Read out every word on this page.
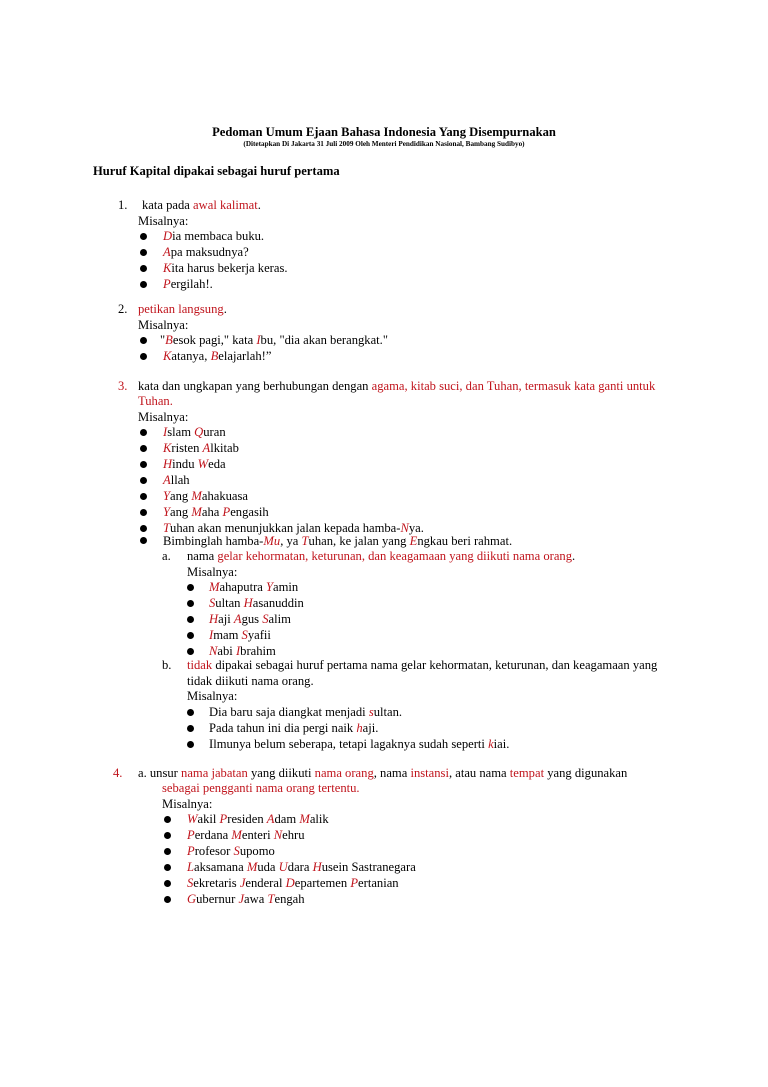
Pedoman Umum Ejaan Bahasa Indonesia Yang Disempurnakan
(Ditetapkan Di Jakarta 31 Juli 2009 Oleh Menteri Pendidikan Nasional, Bambang Sudibyo)
Huruf Kapital dipakai sebagai huruf pertama
1. kata pada awal kalimat.
Misalnya:
Dia membaca buku.
Apa maksudnya?
Kita harus bekerja keras.
Pergilah!.
2. petikan langsung.
Misalnya:
"Besok pagi," kata Ibu, "dia akan berangkat."
Katanya, Belajarlah!”
3. kata dan ungkapan yang berhubungan dengan agama, kitab suci, dan Tuhan, termasuk kata ganti untuk
Tuhan.
Misalnya:
Islam Quran
Kristen Alkitab
Hindu Weda
Allah
Yang Mahakuasa
Yang Maha Pengasih
Tuhan akan menunjukkan jalan kepada hamba-Nya.
Bimbinglah hamba-Mu, ya Tuhan, ke jalan yang Engkau beri rahmat.
a. nama gelar kehormatan, keturunan, dan keagamaan yang diikuti nama orang.
Misalnya:
Mahaputra Yamin
Sultan Hasanuddin
Haji Agus Salim
Imam Syafii
Nabi Ibrahim
b. tidak dipakai sebagai huruf pertama nama gelar kehormatan, keturunan, dan keagamaan yang
tidak diikuti nama orang.
Misalnya:
Dia baru saja diangkat menjadi sultan.
Pada tahun ini dia pergi naik haji.
Ilmunya belum seberapa, tetapi lagaknya sudah seperti kiai.
4. a. unsur nama jabatan yang diikuti nama orang, nama instansi, atau nama tempat yang digunakan
sebagai pengganti nama orang tertentu.
Misalnya:
Wakil Presiden Adam Malik
Perdana Menteri Nehru
Profesor Supomo
Laksamana Muda Udara Husein Sastranegara
Sekretaris Jenderal Departemen Pertanian
Gubernur Jawa Tengah
